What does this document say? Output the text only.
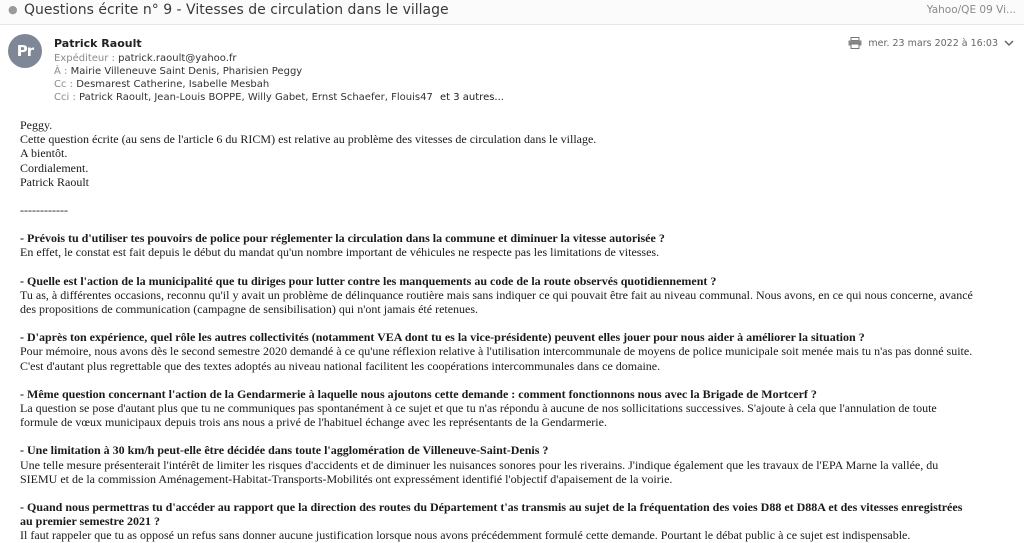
● Questions écrite n° 9 - Vitesses de circulation dans le village	Yahoo/QE 09 Vi...
Pr	Patrick Raoult
Expéditeur : patrick.raoult@yahoo.fr
À : Mairie Villeneuve Saint Denis, Pharisien Peggy
Cc : Desmarest Catherine, Isabelle Mesbah
Cci : Patrick Raoult, Jean-Louis BOPPE, Willy Gabet, Ernst Schaefer, Flouis47 et 3 autres...
mer. 23 mars 2022 à 16:03

Peggy.

Cette question écrite (au sens de l'article 6 du RICM) est relative au problème des vitesses de circulation dans le village.

A bientôt.

Cordialement.

Patrick Raoult

------------

- Prévois tu d'utiliser tes pouvoirs de police pour réglementer la circulation dans la commune et diminuer la vitesse autorisée ?

En effet, le constat est fait depuis le début du mandat qu'un nombre important de véhicules ne respecte pas les limitations de vitesses.

- Quelle est l'action de la municipalité que tu diriges pour lutter contre les manquements au code de la route observés quotidiennement ?

Tu as, à différentes occasions, reconnu qu'il y avait un problème de délinquance routière mais sans indiquer ce qui pouvait être fait au niveau communal. Nous avons, en ce qui nous concerne, avancé

des propositions de communication (campagne de sensibilisation) qui n'ont jamais été retenues.

- D'après ton expérience, quel rôle les autres collectivités (notamment VEA dont tu es la vice-présidente) peuvent elles jouer pour nous aider à améliorer la situation ?

Pour mémoire, nous avons dès le second semestre 2020 demandé à ce qu'une réflexion relative à l'utilisation intercommunale de moyens de police municipale soit menée mais tu n'as pas donné suite.

C'est d'autant plus regrettable que des textes adoptés au niveau national facilitent les coopérations intercommunales dans ce domaine.

- Même question concernant l'action de la Gendarmerie à laquelle nous ajoutons cette demande : comment fonctionnons nous avec la Brigade de Mortcerf ?

La question se pose d'autant plus que tu ne communiques pas spontanément à ce sujet et que tu n'as répondu à aucune de nos sollicitations successives. S'ajoute à cela que l'annulation de toute

formule de vœux municipaux depuis trois ans nous a privé de l'habituel échange avec les représentants de la Gendarmerie.

- Une limitation à 30 km/h peut-elle être décidée dans toute l'agglomération de Villeneuve-Saint-Denis ?

Une telle mesure présenterait l'intérêt de limiter les risques d'accidents et de diminuer les nuisances sonores pour les riverains. J'indique également que les travaux de l'EPA Marne la vallée, du

SIEMU et de la commission Aménagement-Habitat-Transports-Mobilités ont expressément identifié l'objectif d'apaisement de la voirie.

- Quand nous permettras tu d'accéder au rapport que la direction des routes du Département t'as transmis au sujet de la fréquentation des voies D88 et D88A et des vitesses enregistrées

au premier semestre 2021 ?

Il faut rappeler que tu as opposé un refus sans donner aucune justification lorsque nous avons précédemment formulé cette demande. Pourtant le débat public à ce sujet est indispensable.
